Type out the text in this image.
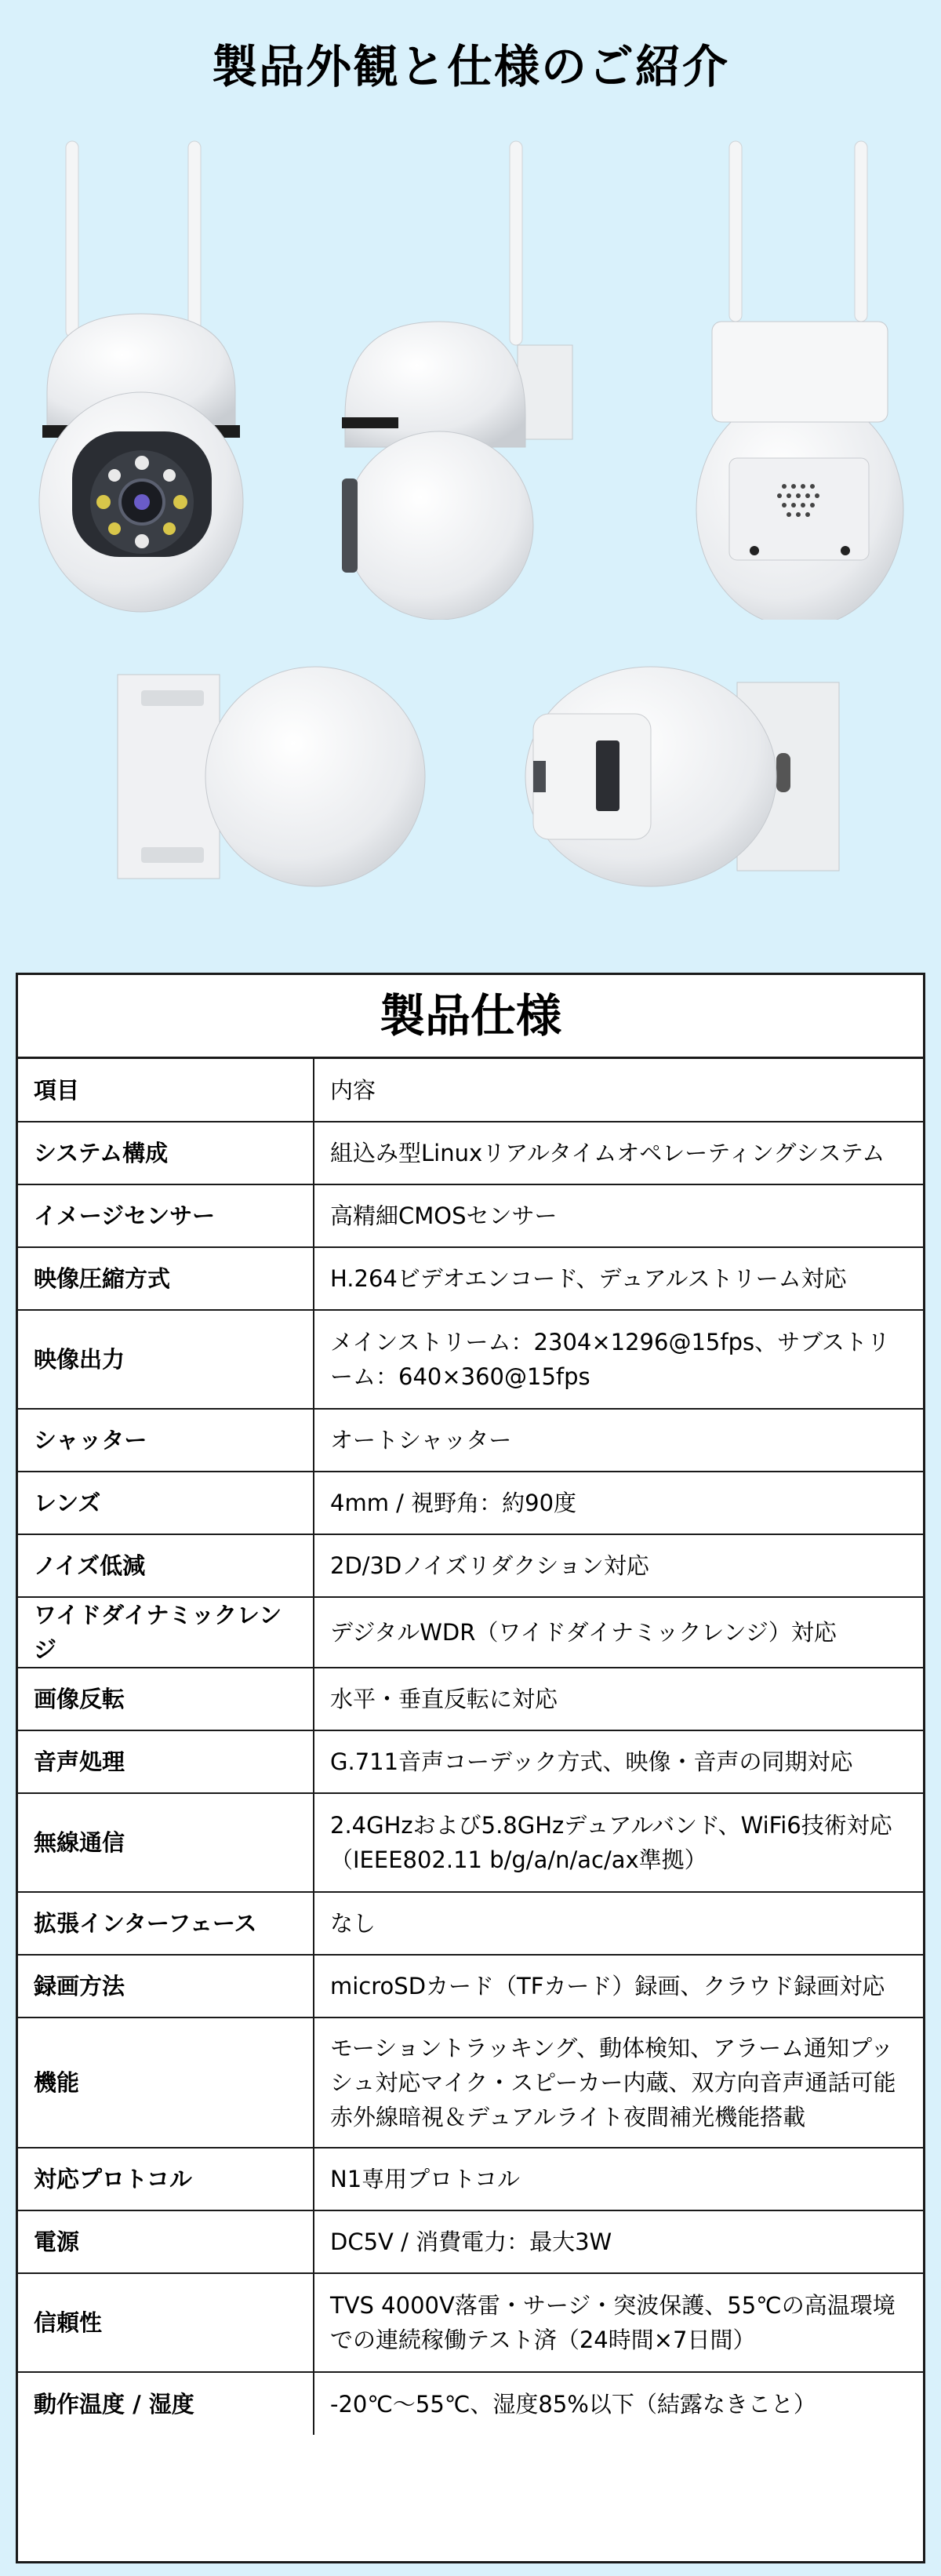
製品外観と仕様のご紹介
製品仕様
項目	内容
システム構成	組込み型Linuxリアルタイムオペレーティングシステム
イメージセンサー	高精細CMOSセンサー
映像圧縮方式	H.264ビデオエンコード、デュアルストリーム対応
映像出力	メインストリーム：2304×1296@15fps、サブストリーム：640×360@15fps
シャッター	オートシャッター
レンズ	4mm / 視野角：約90度
ノイズ低減	2D/3Dノイズリダクション対応
ワイドダイナミックレンジ	デジタルWDR（ワイドダイナミックレンジ）対応
画像反転	水平・垂直反転に対応
音声処理	G.711音声コーデック方式、映像・音声の同期対応
無線通信	2.4GHzおよび5.8GHzデュアルバンド、WiFi6技術対応（IEEE802.11 b/g/a/n/ac/ax準拠）
拡張インターフェース	なし
録画方法	microSDカード（TFカード）録画、クラウド録画対応
機能	モーショントラッキング、動体検知、アラーム通知プッシュ対応マイク・スピーカー内蔵、双方向音声通話可能赤外線暗視＆デュアルライト夜間補光機能搭載
対応プロトコル	N1専用プロトコル
電源	DC5V / 消費電力：最大3W
信頼性	TVS 4000V落雷・サージ・突波保護、55℃の高温環境での連続稼働テスト済（24時間×7日間）
動作温度 / 湿度	-20℃～55℃、湿度85%以下（結露なきこと）
